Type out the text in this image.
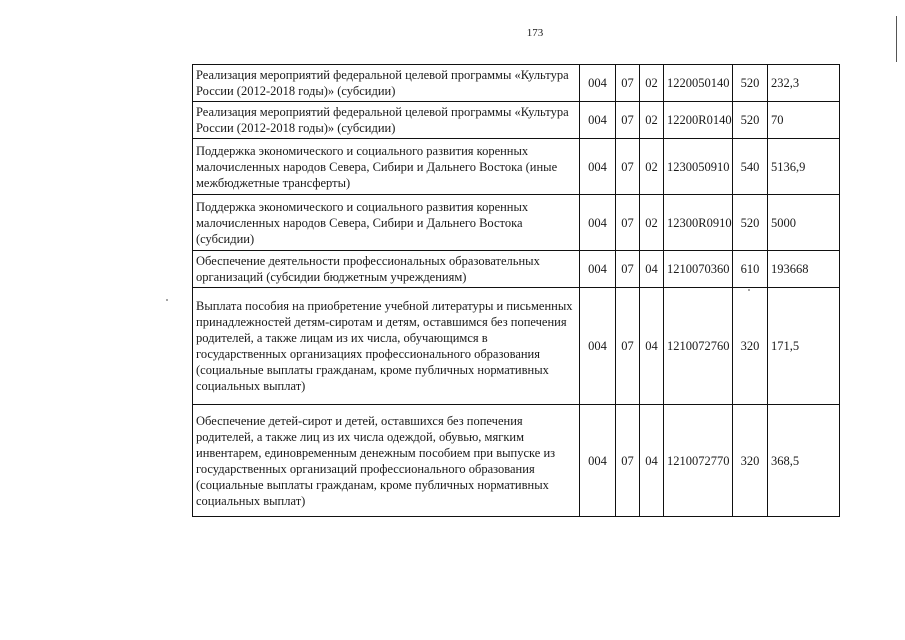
173
Реализация мероприятий федеральной целевой программы «Культура России (2012-2018 годы)» (субсидии)	004	07	02	1220050140	520	232,3
Реализация мероприятий федеральной целевой программы «Культура России (2012-2018 годы)» (субсидии)	004	07	02	12200R0140	520	70
Поддержка экономического и социального развития коренных малочисленных народов Севера, Сибири и Дальнего Востока (иные межбюджетные трансферты)	004	07	02	1230050910	540	5136,9
Поддержка экономического и социального развития коренных малочисленных народов Севера, Сибири и Дальнего Востока (субсидии)	004	07	02	12300R0910	520	5000
Обеспечение деятельности профессиональных образовательных организаций (субсидии бюджетным учреждениям)	004	07	04	1210070360	610	193668
Выплата пособия на приобретение учебной литературы и письменных принадлежностей детям-сиротам и детям, оставшимся без попечения родителей, а также лицам из их числа, обучающимся в государственных организациях профессионального образования (социальные выплаты гражданам, кроме публичных нормативных социальных выплат)	004	07	04	1210072760	320	171,5
Обеспечение детей-сирот и детей, оставшихся без попечения родителей, а также лиц из их числа одеждой, обувью, мягким инвентарем, единовременным денежным пособием при выпуске из государственных организаций профессионального образования (социальные выплаты гражданам, кроме публичных нормативных социальных выплат)	004	07	04	1210072770	320	368,5
